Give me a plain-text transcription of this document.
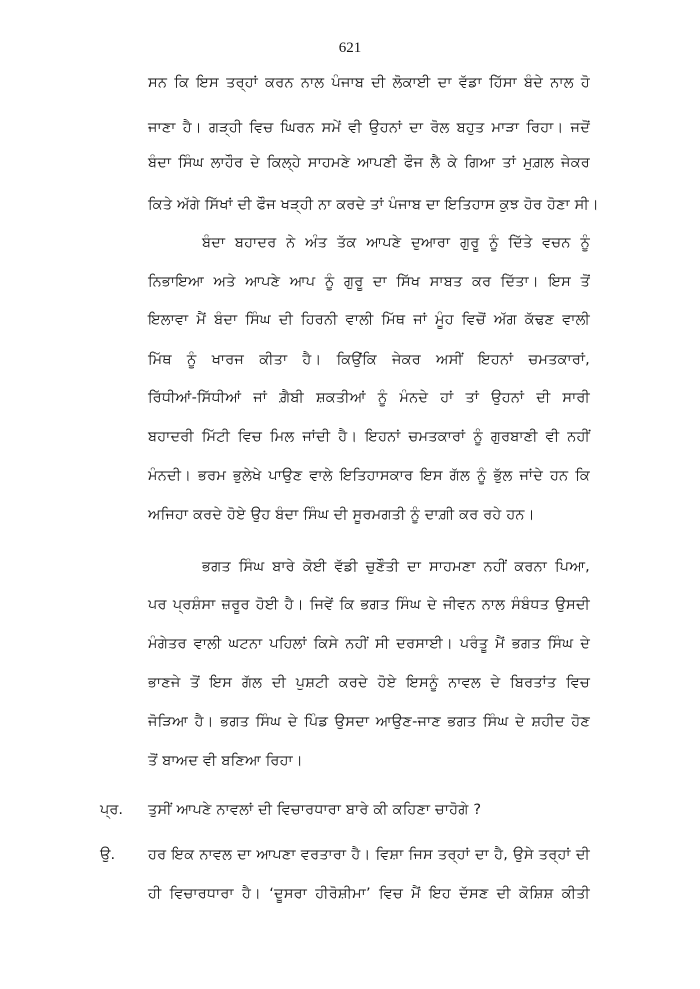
621
ਸਨ ਕਿ ਇਸ ਤਰ੍ਹਾਂ ਕਰਨ ਨਾਲ ਪੰਜਾਬ ਦੀ ਲੋਕਾਈ ਦਾ ਵੱਡਾ ਹਿੱਸਾ ਬੰਦੇ ਨਾਲ ਹੋ
ਜਾਣਾ ਹੈ। ਗੜ੍ਹੀ ਵਿਚ ਘਿਰਨ ਸਮੇਂ ਵੀ ਉਹਨਾਂ ਦਾ ਰੋਲ ਬਹੁਤ ਮਾੜਾ ਰਿਹਾ। ਜਦੋਂ
ਬੰਦਾ ਸਿੰਘ ਲਾਹੌਰ ਦੇ ਕਿਲ੍ਹੇ ਸਾਹਮਣੇ ਆਪਣੀ ਫੌਜ ਲੈ ਕੇ ਗਿਆ ਤਾਂ ਮੁਗ਼ਲ ਜੇਕਰ
ਕਿਤੇ ਅੱਗੇ ਸਿੱਖਾਂ ਦੀ ਫੌਜ ਖੜ੍ਹੀ ਨਾ ਕਰਦੇ ਤਾਂ ਪੰਜਾਬ ਦਾ ਇਤਿਹਾਸ ਕੁਝ ਹੋਰ ਹੋਣਾ ਸੀ।
ਬੰਦਾ ਬਹਾਦਰ ਨੇ ਅੰਤ ਤੱਕ ਆਪਣੇ ਦੁਆਰਾ ਗੁਰੂ ਨੂੰ ਦਿੱਤੇ ਵਚਨ ਨੂੰ
ਨਿਭਾਇਆ ਅਤੇ ਆਪਣੇ ਆਪ ਨੂੰ ਗੁਰੂ ਦਾ ਸਿੱਖ ਸਾਬਤ ਕਰ ਦਿੱਤਾ। ਇਸ ਤੋਂ
ਇਲਾਵਾ ਮੈਂ ਬੰਦਾ ਸਿੰਘ ਦੀ ਹਿਰਨੀ ਵਾਲੀ ਮਿੱਥ ਜਾਂ ਮੂੰਹ ਵਿਚੋਂ ਅੱਗ ਕੱਢਣ ਵਾਲੀ
ਮਿੱਥ ਨੂੰ ਖਾਰਜ ਕੀਤਾ ਹੈ। ਕਿਉਂਕਿ ਜੇਕਰ ਅਸੀਂ ਇਹਨਾਂ ਚਮਤਕਾਰਾਂ,
ਰਿੱਧੀਆਂ-ਸਿੱਧੀਆਂ ਜਾਂ ਗ਼ੈਬੀ ਸ਼ਕਤੀਆਂ ਨੂੰ ਮੰਨਦੇ ਹਾਂ ਤਾਂ ਉਹਨਾਂ ਦੀ ਸਾਰੀ
ਬਹਾਦਰੀ ਮਿੱਟੀ ਵਿਚ ਮਿਲ ਜਾਂਦੀ ਹੈ। ਇਹਨਾਂ ਚਮਤਕਾਰਾਂ ਨੂੰ ਗੁਰਬਾਣੀ ਵੀ ਨਹੀਂ
ਮੰਨਦੀ। ਭਰਮ ਭੁਲੇਖੇ ਪਾਉਣ ਵਾਲੇ ਇਤਿਹਾਸਕਾਰ ਇਸ ਗੱਲ ਨੂੰ ਭੁੱਲ ਜਾਂਦੇ ਹਨ ਕਿ
ਅਜਿਹਾ ਕਰਦੇ ਹੋਏ ਉਹ ਬੰਦਾ ਸਿੰਘ ਦੀ ਸੂਰਮਗਤੀ ਨੂੰ ਦਾਗ਼ੀ ਕਰ ਰਹੇ ਹਨ।
ਭਗਤ ਸਿੰਘ ਬਾਰੇ ਕੋਈ ਵੱਡੀ ਚੁਣੌਤੀ ਦਾ ਸਾਹਮਣਾ ਨਹੀਂ ਕਰਨਾ ਪਿਆ,
ਪਰ ਪ੍ਰਸ਼ੰਸਾ ਜ਼ਰੂਰ ਹੋਈ ਹੈ। ਜਿਵੇਂ ਕਿ ਭਗਤ ਸਿੰਘ ਦੇ ਜੀਵਨ ਨਾਲ ਸੰਬੰਧਤ ਉਸਦੀ
ਮੰਗੇਤਰ ਵਾਲੀ ਘਟਨਾ ਪਹਿਲਾਂ ਕਿਸੇ ਨਹੀਂ ਸੀ ਦਰਸਾਈ। ਪਰੰਤੂ ਮੈਂ ਭਗਤ ਸਿੰਘ ਦੇ
ਭਾਣਜੇ ਤੋਂ ਇਸ ਗੱਲ ਦੀ ਪੁਸ਼ਟੀ ਕਰਦੇ ਹੋਏ ਇਸਨੂੰ ਨਾਵਲ ਦੇ ਬਿਰਤਾਂਤ ਵਿਚ
ਜੋੜਿਆ ਹੈ। ਭਗਤ ਸਿੰਘ ਦੇ ਪਿੰਡ ਉਸਦਾ ਆਉਣ-ਜਾਣ ਭਗਤ ਸਿੰਘ ਦੇ ਸ਼ਹੀਦ ਹੋਣ
ਤੋਂ ਬਾਅਦ ਵੀ ਬਣਿਆ ਰਿਹਾ।
ਪ੍ਰ. ਤੁਸੀਂ ਆਪਣੇ ਨਾਵਲਾਂ ਦੀ ਵਿਚਾਰਧਾਰਾ ਬਾਰੇ ਕੀ ਕਹਿਣਾ ਚਾਹੋਗੇ ?
ਉ. ਹਰ ਇਕ ਨਾਵਲ ਦਾ ਆਪਣਾ ਵਰਤਾਰਾ ਹੈ। ਵਿਸ਼ਾ ਜਿਸ ਤਰ੍ਹਾਂ ਦਾ ਹੈ, ਉਸੇ ਤਰ੍ਹਾਂ ਦੀ
ਹੀ ਵਿਚਾਰਧਾਰਾ ਹੈ। ‘ਦੂਸਰਾ ਹੀਰੋਸ਼ੀਮਾ’ ਵਿਚ ਮੈਂ ਇਹ ਦੱਸਣ ਦੀ ਕੋਸ਼ਿਸ਼ ਕੀਤੀ
